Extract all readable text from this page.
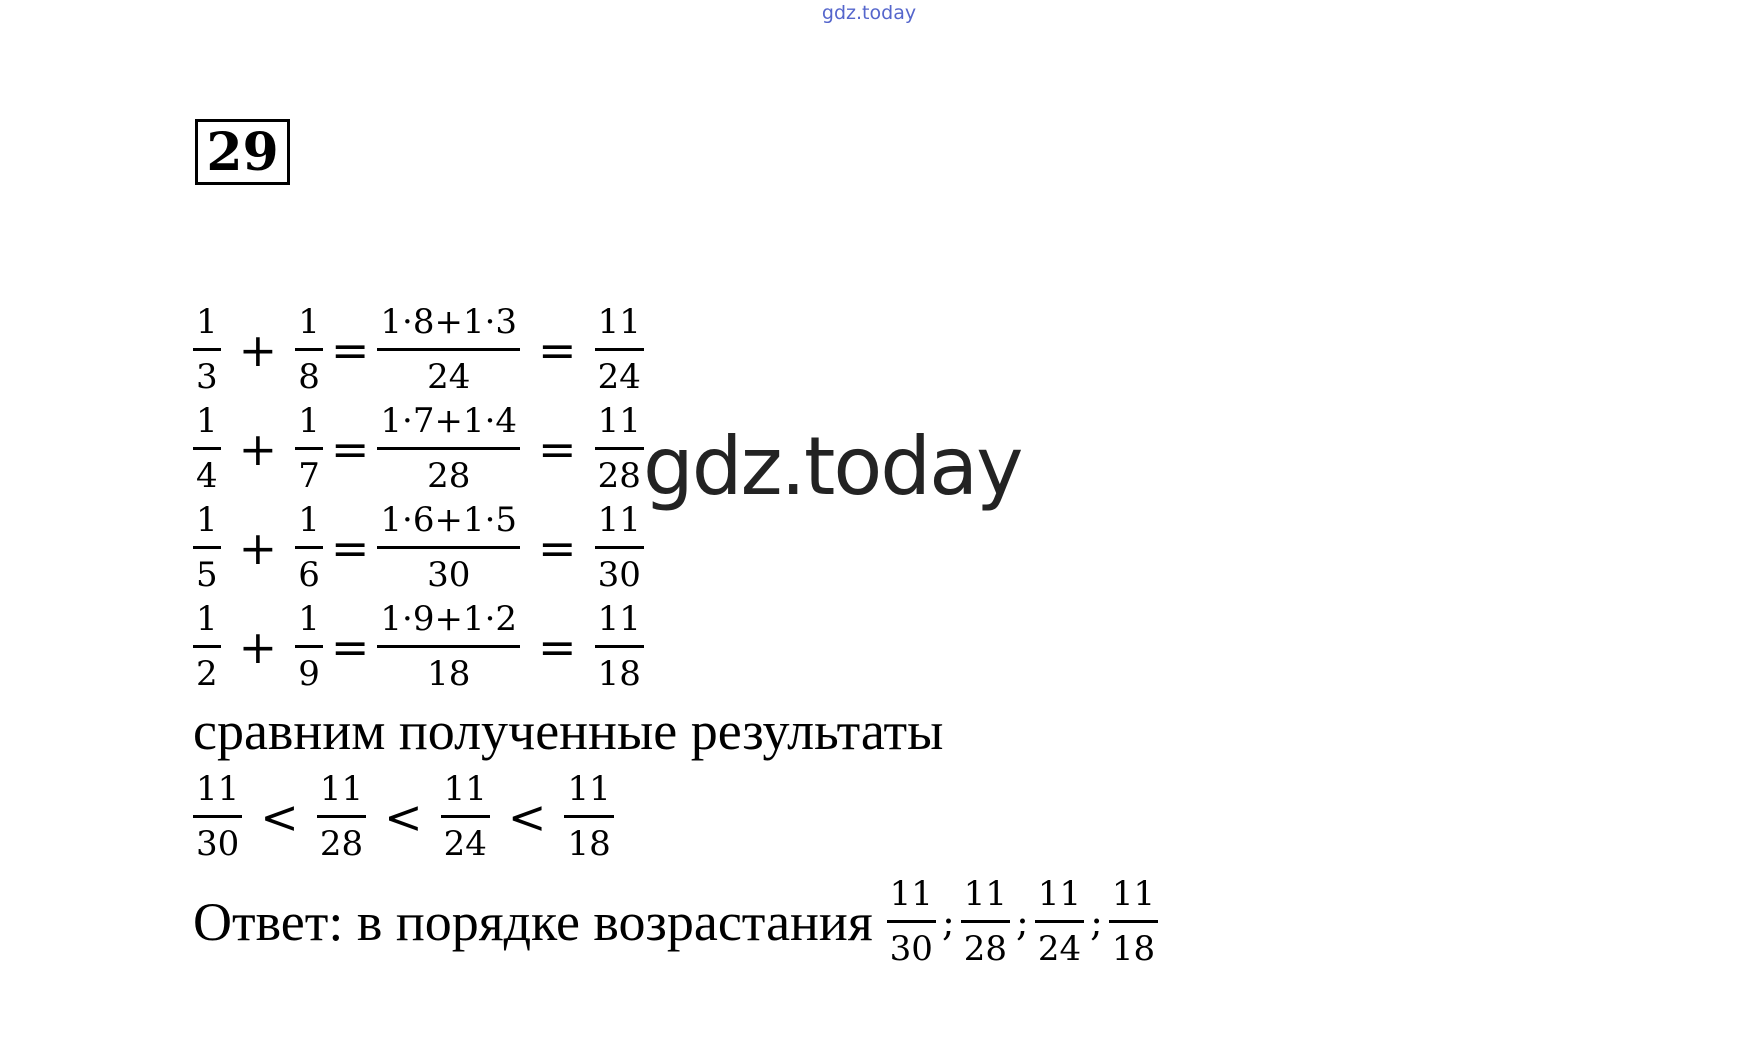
gdz.today
29
$\frac{1}{3} + \frac{1}{8} = \frac{1\cdot 8+1\cdot 3}{24} = \frac{11}{24}$
$\frac{1}{4} + \frac{1}{7} = \frac{1\cdot 7+1\cdot 4}{28} = \frac{11}{28}$
$\frac{1}{5} + \frac{1}{6} = \frac{1\cdot 6+1\cdot 5}{30} = \frac{11}{30}$
$\frac{1}{2} + \frac{1}{9} = \frac{1\cdot 9+1\cdot 2}{18} = \frac{11}{18}$
сравним полученные результаты
$\frac{11}{30} < \frac{11}{28} < \frac{11}{24} < \frac{11}{18}$
Ответ: в порядке возрастания $\frac{11}{30}$ ; $\frac{11}{28}$ ; $\frac{11}{24}$ ; $\frac{11}{18}$
gdz.today
